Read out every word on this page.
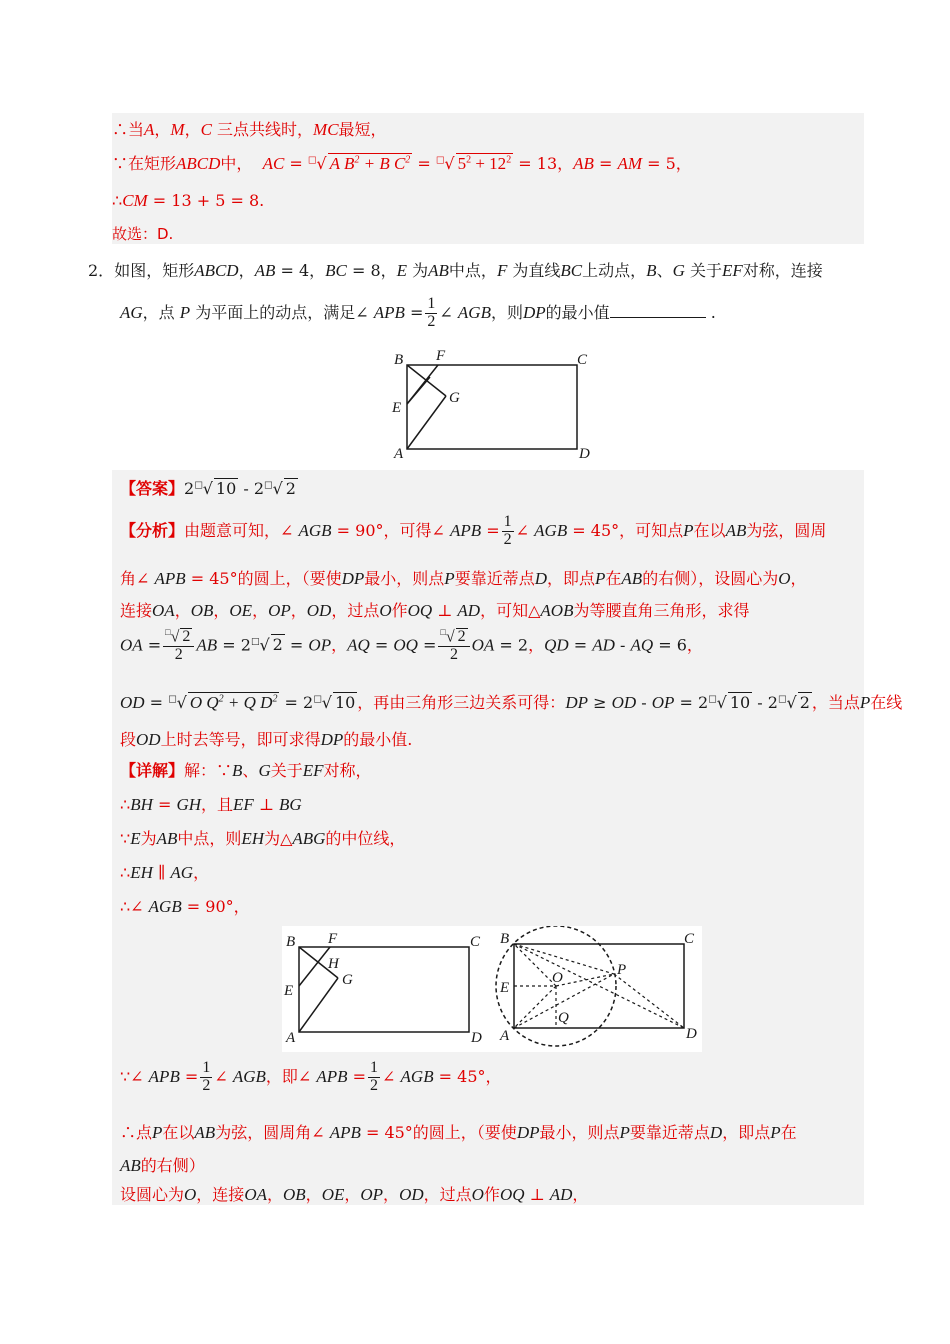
∴当A，M，C 三点共线时，MC最短，
∵在矩形ABCD中，  AC = □√ A $B^2 + B$ $C^2 = ^□√$ $5^2 + 12^2 = 13$，AB = AM = 5，
∴CM = 13 + 5 = 8.
故选：D.
2．如图，矩形ABCD，AB = 4，BC = 8，E 为AB中点，F 为直线BC上动点，B、G 关于EF对称，连接
AG，点 P 为平面上的动点，满足∠ APB = $\frac{1}{2}$ ∠ AGB，则DP的最小值	.
B F	C
E
G
A	D
【答案】2□√ 10 - 2□√ 2
【分析】由题意可知，∠ AGB = 90°，可得∠ APB = $\frac{1}{2}$ ∠ AGB = 45°，可知点P在以AB为弦，圆周
角∠ APB = 45°的圆上，（要使DP最小，则点P要靠近蒂点D，即点P在AB的右侧），设圆心为O，
连接OA，OB，OE，OP，OD，过点O作OQ ⊥ AD，可知△AOB为等腰直角三角形，求得
OA = $\frac{^□√ 2}{2}$ AB = 2□√ 2 = OP，AQ = OQ = $\frac{^□√ 2}{2}$ OA = 2，QD = AD - AQ = 6，
OD = □√ O $Q^2 + Q$ $D^2 = 2^□√$ 10 ，再由三角形三边关系可得：DP ≥ OD - OP = 2□√ 10 - 2□√ 2 ，当点P在线
段OD上时去等号，即可求得DP的最小值.
【详解】解：∵B、G关于EF对称，
∴BH = GH，且EF ⊥ BG
∵E为AB中点，则EH为△ABG的中位线，
∴EH ∥ AG，
∴∠ AGB = 90°，
∵∠ APB = $\frac{1}{2}$ ∠ AGB，即∠ APB = $\frac{1}{2}$ ∠ AGB = 45°，
∴点P在以AB为弦，圆周角∠ APB = 45°的圆上，（要使DP最小，则点P要靠近蒂点D，即点P在
AB的右侧）
设圆心为O，连接OA，OB，OE，OP，OD，过点O作OQ ⊥ AD，
B F	C
H
E
G
A	D
B	C
O	P
E
Q
A	D
